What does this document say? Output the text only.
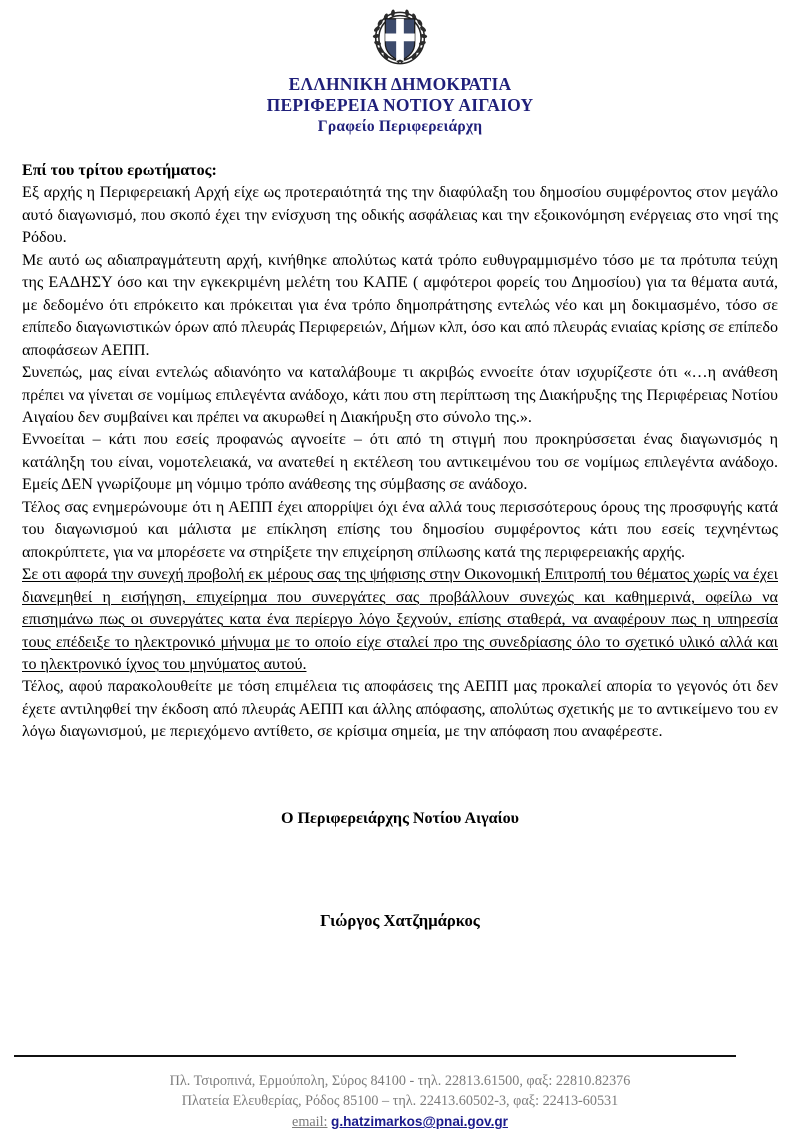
ΕΛΛΗΝΙΚΗ ΔΗΜΟΚΡΑΤΙΑ
ΠΕΡΙΦΕΡΕΙΑ ΝΟΤΙΟΥ ΑΙΓΑΙΟΥ
Γραφείο Περιφερειάρχη

Επί του τρίτου ερωτήματος:

Εξ αρχής η Περιφερειακή Αρχή είχε ως προτεραιότητά της την διαφύλαξη του δημοσίου συμφέροντος στον μεγάλο αυτό διαγωνισμό, που σκοπό έχει την ενίσχυση της οδικής ασφάλειας και την εξοικονόμηση ενέργειας στο νησί της Ρόδου.

Με αυτό ως αδιαπραγμάτευτη αρχή, κινήθηκε απολύτως κατά τρόπο ευθυγραμμισμένο τόσο με τα πρότυπα τεύχη της ΕΑΔΗΣΥ όσο και την εγκεκριμένη μελέτη του ΚΑΠΕ ( αμφότεροι φορείς του Δημοσίου) για τα θέματα αυτά, με δεδομένο ότι επρόκειτο και πρόκειται για ένα τρόπο δημοπράτησης εντελώς νέο και μη δοκιμασμένο, τόσο σε επίπεδο διαγωνιστικών όρων από πλευράς Περιφερειών, Δήμων κλπ, όσο και από πλευράς ενιαίας κρίσης σε επίπεδο αποφάσεων ΑΕΠΠ.

Συνεπώς, μας είναι εντελώς αδιανόητο να καταλάβουμε τι ακριβώς εννοείτε όταν ισχυρίζεστε ότι «…η ανάθεση πρέπει να γίνεται σε νομίμως επιλεγέντα ανάδοχο, κάτι που στη περίπτωση της Διακήρυξης της Περιφέρειας Νοτίου Αιγαίου δεν συμβαίνει και πρέπει να ακυρωθεί η Διακήρυξη στο σύνολο της.».

Εννοείται – κάτι που εσείς προφανώς αγνοείτε – ότι από τη στιγμή που προκηρύσσεται ένας διαγωνισμός η κατάληξη του είναι, νομοτελειακά, να ανατεθεί η εκτέλεση του αντικειμένου του σε νομίμως επιλεγέντα ανάδοχο. Εμείς ΔΕΝ γνωρίζουμε μη νόμιμο τρόπο ανάθεσης της σύμβασης σε ανάδοχο.

Τέλος σας ενημερώνουμε ότι η ΑΕΠΠ έχει απορρίψει όχι ένα αλλά τους περισσότερους όρους της προσφυγής κατά του διαγωνισμού και μάλιστα με επίκληση επίσης του δημοσίου συμφέροντος κάτι που εσείς τεχνηέντως αποκρύπτετε, για να μπορέσετε να στηρίξετε την επιχείρηση σπίλωσης κατά της περιφερειακής αρχής.

Σε οτι αφορά την συνεχή προβολή εκ μέρους σας της ψήφισης στην Οικονομική Επιτροπή του θέματος χωρίς να έχει διανεμηθεί η εισήγηση, επιχείρημα που συνεργάτες σας προβάλλουν συνεχώς και καθημερινά, οφείλω να επισημάνω πως οι συνεργάτες κατα ένα περίεργο λόγο ξεχνούν, επίσης σταθερά, να αναφέρουν πως η υπηρεσία τους επέδειξε το ηλεκτρονικό μήνυμα με το οποίο είχε σταλεί προ της συνεδρίασης όλο το σχετικό υλικό αλλά και το ηλεκτρονικό ίχνος του μηνύματος αυτού.

Τέλος, αφού παρακολουθείτε με τόση επιμέλεια τις αποφάσεις της ΑΕΠΠ μας προκαλεί απορία το γεγονός ότι δεν έχετε αντιληφθεί την έκδοση από πλευράς ΑΕΠΠ και άλλης απόφασης, απολύτως σχετικής με το αντικείμενο του εν λόγω διαγωνισμού, με περιεχόμενο αντίθετο, σε κρίσιμα σημεία, με την απόφαση που αναφέρεστε.

Ο Περιφερειάρχης Νοτίου Αιγαίου
Γιώργος Χατζημάρκος
Πλ. Τσιροπινά, Ερμούπολη, Σύρος 84100 - τηλ. 22813.61500, φαξ: 22810.82376
Πλατεία Ελευθερίας, Ρόδος 85100 – τηλ. 22413.60502-3, φαξ: 22413-60531
email: g.hatzimarkos@pnai.gov.gr
